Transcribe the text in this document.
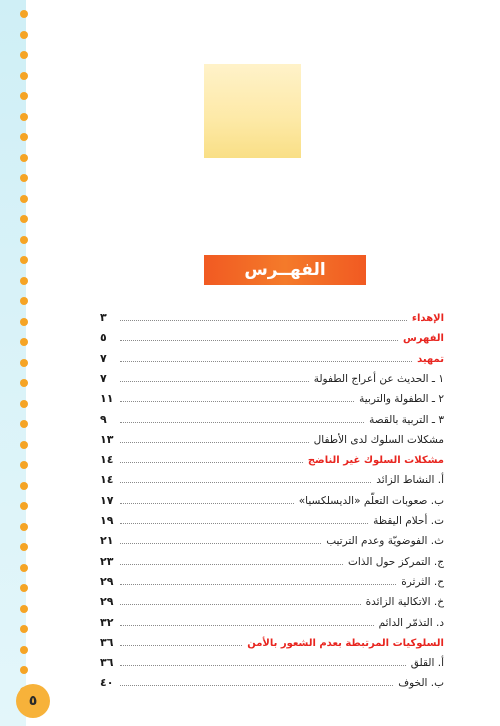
الفهــرس
الإهداء
٣
الفهرس
٥
تمهيد
٧
١ ـ الحديث عن أعراج الطفولة
٧
٢ ـ الطفولة والتربية
١١
٣ ـ التربية بالقصة
٩
مشكلات السلوك لدى الأطفال
١٣
مشكلات السلوك غير الناضج
١٤
أ. النشاط الزائد
١٤
ب. صعوبات التعلّم «الديسلكسيا»
١٧
ت. أحلام اليقظة
١٩
ث. الفوضويّة وعدم الترتيب
٢١
ج. التمركز حول الذات
٢٣
ح. الثرثرة
٢٩
خ. الاتكالية الزائدة
٢٩
د. التذمّر الدائم
٣٢
السلوكيات المرتبطة بعدم الشعور بالأمن
٣٦
أ. القلق
٣٦
ب. الخوف
٤٠
٥
